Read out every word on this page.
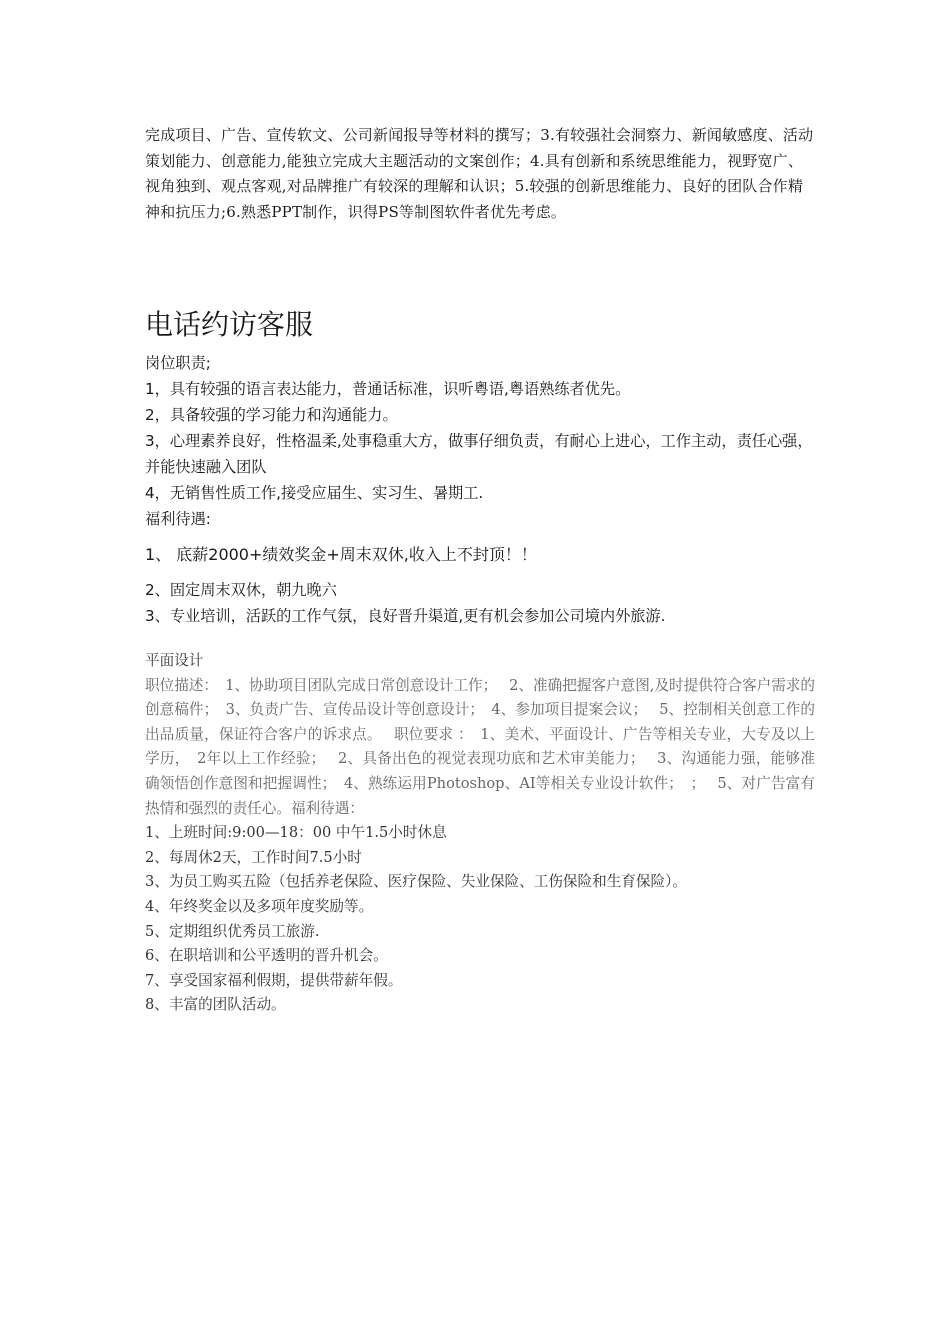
完成项目、广告、宣传软文、公司新闻报导等材料的撰写；3.有较强社会洞察力、新闻敏感度、活动策划能力、创意能力,能独立完成大主题活动的文案创作；4.具有创新和系统思维能力，视野宽广、视角独到、观点客观,对品牌推广有较深的理解和认识；5.较强的创新思维能力、良好的团队合作精神和抗压力;6.熟悉PPT制作，识得PS等制图软件者优先考虑。

电话约访客服

岗位职责;

1，具有较强的语言表达能力，普通话标准，识听粤语,粤语熟练者优先。

2，具备较强的学习能力和沟通能力。

3，心理素养良好，性格温柔,处事稳重大方，做事仔细负责，有耐心上进心，工作主动，责任心强，并能快速融入团队

4，无销售性质工作,接受应届生、实习生、暑期工.

福利待遇:

1、 底薪2000+绩效奖金+周末双休,收入上不封顶！！

2、固定周末双休，朝九晚六

3、专业培训，活跃的工作气氛，良好晋升渠道,更有机会参加公司境内外旅游.

平面设计

职位描述：　1、协助项目团队完成日常创意设计工作；　 2、准确把握客户意图,及时提供符合客户需求的创意稿件；　3、负责广告、宣传品设计等创意设计；　4、参加项目提案会议；　 5、控制相关创意工作的出品质量，保证符合客户的诉求点。　 职位要求 ：　1、美术、平面设计、广告等相关专业，大专及以上学历，　2年以上工作经验；　 2、具备出色的视觉表现功底和艺术审美能力；　 3、沟通能力强，能够准确领悟创作意图和把握调性；　4、熟练运用Photoshop、AI等相关专业设计软件；　；　 5、对广告富有热情和强烈的责任心。福利待遇：

1、上班时间:9:00—18：00 中午1.5小时休息

2、每周休2天，工作时间7.5小时

3、为员工购买五险（包括养老保险、医疗保险、失业保险、工伤保险和生育保险）。

4、年终奖金以及多项年度奖励等。

5、定期组织优秀员工旅游.

6、在职培训和公平透明的晋升机会。

7、享受国家福利假期，提供带薪年假。

8、丰富的团队活动。
